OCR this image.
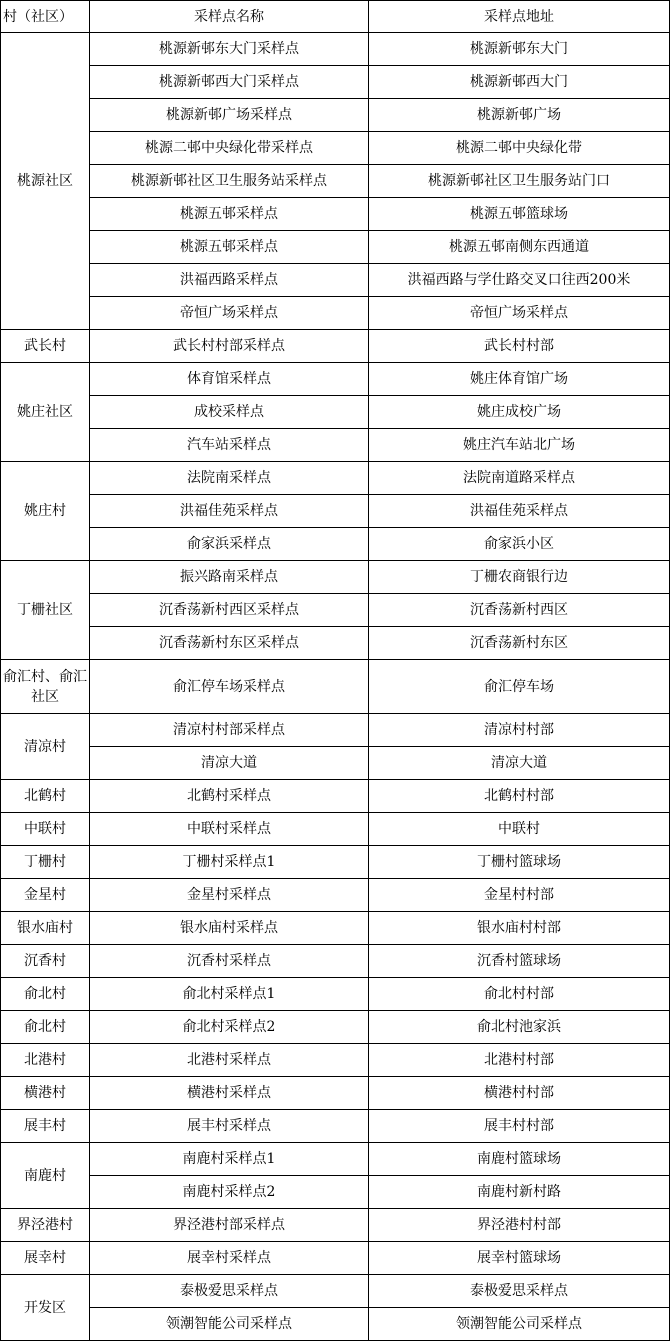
村（社区）	采样点名称	采样点地址
桃源社区	桃源新邨东大门采样点	桃源新邨东大门
	桃源新邨西大门采样点	桃源新邨西大门
	桃源新邨广场采样点	桃源新邨广场
	桃源二邨中央绿化带采样点	桃源二邨中央绿化带
	桃源新邨社区卫生服务站采样点	桃源新邨社区卫生服务站门口
	桃源五邨采样点	桃源五邨篮球场
	桃源五邨采样点	桃源五邨南侧东西通道
	洪福西路采样点	洪福西路与学仕路交叉口往西200米
	帝恒广场采样点	帝恒广场采样点
武长村	武长村村部采样点	武长村村部
姚庄社区	体育馆采样点	姚庄体育馆广场
	成校采样点	姚庄成校广场
	汽车站采样点	姚庄汽车站北广场
姚庄村	法院南采样点	法院南道路采样点
	洪福佳苑采样点	洪福佳苑采样点
	俞家浜采样点	俞家浜小区
丁栅社区	振兴路南采样点	丁栅农商银行边
	沉香荡新村西区采样点	沉香荡新村西区
	沉香荡新村东区采样点	沉香荡新村东区
俞汇村、俞汇社区	俞汇停车场采样点	俞汇停车场
清凉村	清凉村村部采样点	清凉村村部
	清凉大道	清凉大道
北鹤村	北鹤村采样点	北鹤村村部
中联村	中联村采样点	中联村
丁栅村	丁栅村采样点1	丁栅村篮球场
金星村	金星村采样点	金星村村部
银水庙村	银水庙村采样点	银水庙村村部
沉香村	沉香村采样点	沉香村篮球场
俞北村	俞北村采样点1	俞北村村部
俞北村	俞北村采样点2	俞北村池家浜
北港村	北港村采样点	北港村村部
横港村	横港村采样点	横港村村部
展丰村	展丰村采样点	展丰村村部
南鹿村	南鹿村采样点1	南鹿村篮球场
	南鹿村采样点2	南鹿村新村路
界泾港村	界泾港村部采样点	界泾港村村部
展幸村	展幸村采样点	展幸村篮球场
开发区	泰极爱思采样点	泰极爱思采样点
	领潮智能公司采样点	领潮智能公司采样点
